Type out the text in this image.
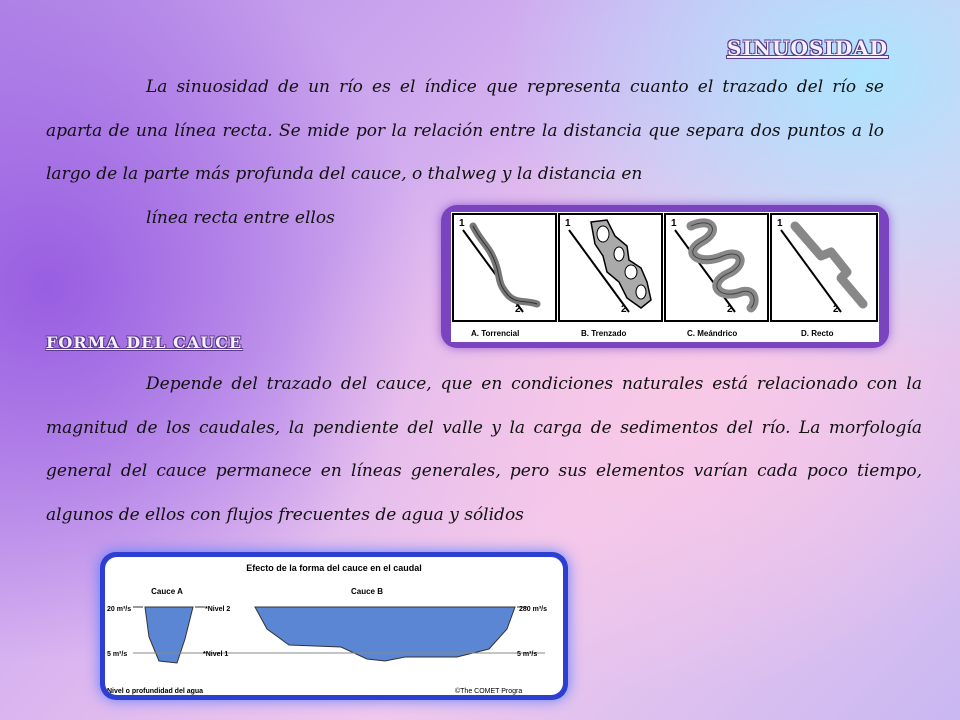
SINUOSIDAD
La sinuosidad de un río es el índice que representa cuanto el trazado del río se aparta de una línea recta. Se mide por la relación entre la distancia que separa dos puntos a lo largo de la parte más profunda del cauce, o thalweg y la distancia en
línea recta entre ellos	1
2
1
2
1
2
1
2
A. Torrencial	B. Trenzado	C. Meándrico	D. Recto
FORMA DEL CAUCE
Depende del trazado del cauce, que en condiciones naturales está relacionado con la magnitud de los caudales, la pendiente del valle y la carga de sedimentos del río. La morfología general del cauce permanece en líneas generales, pero sus elementos varían cada poco tiempo, algunos de ellos con flujos frecuentes de agua y sólidos
Efecto de la forma del cauce en el caudal
Cauce A	Cauce B
20 m³/s
5 m³/s
*Nivel 2
*Nivel 1
280 m³/s
5 m³/s
Nivel o profundidad del agua	©The COMET Progra
